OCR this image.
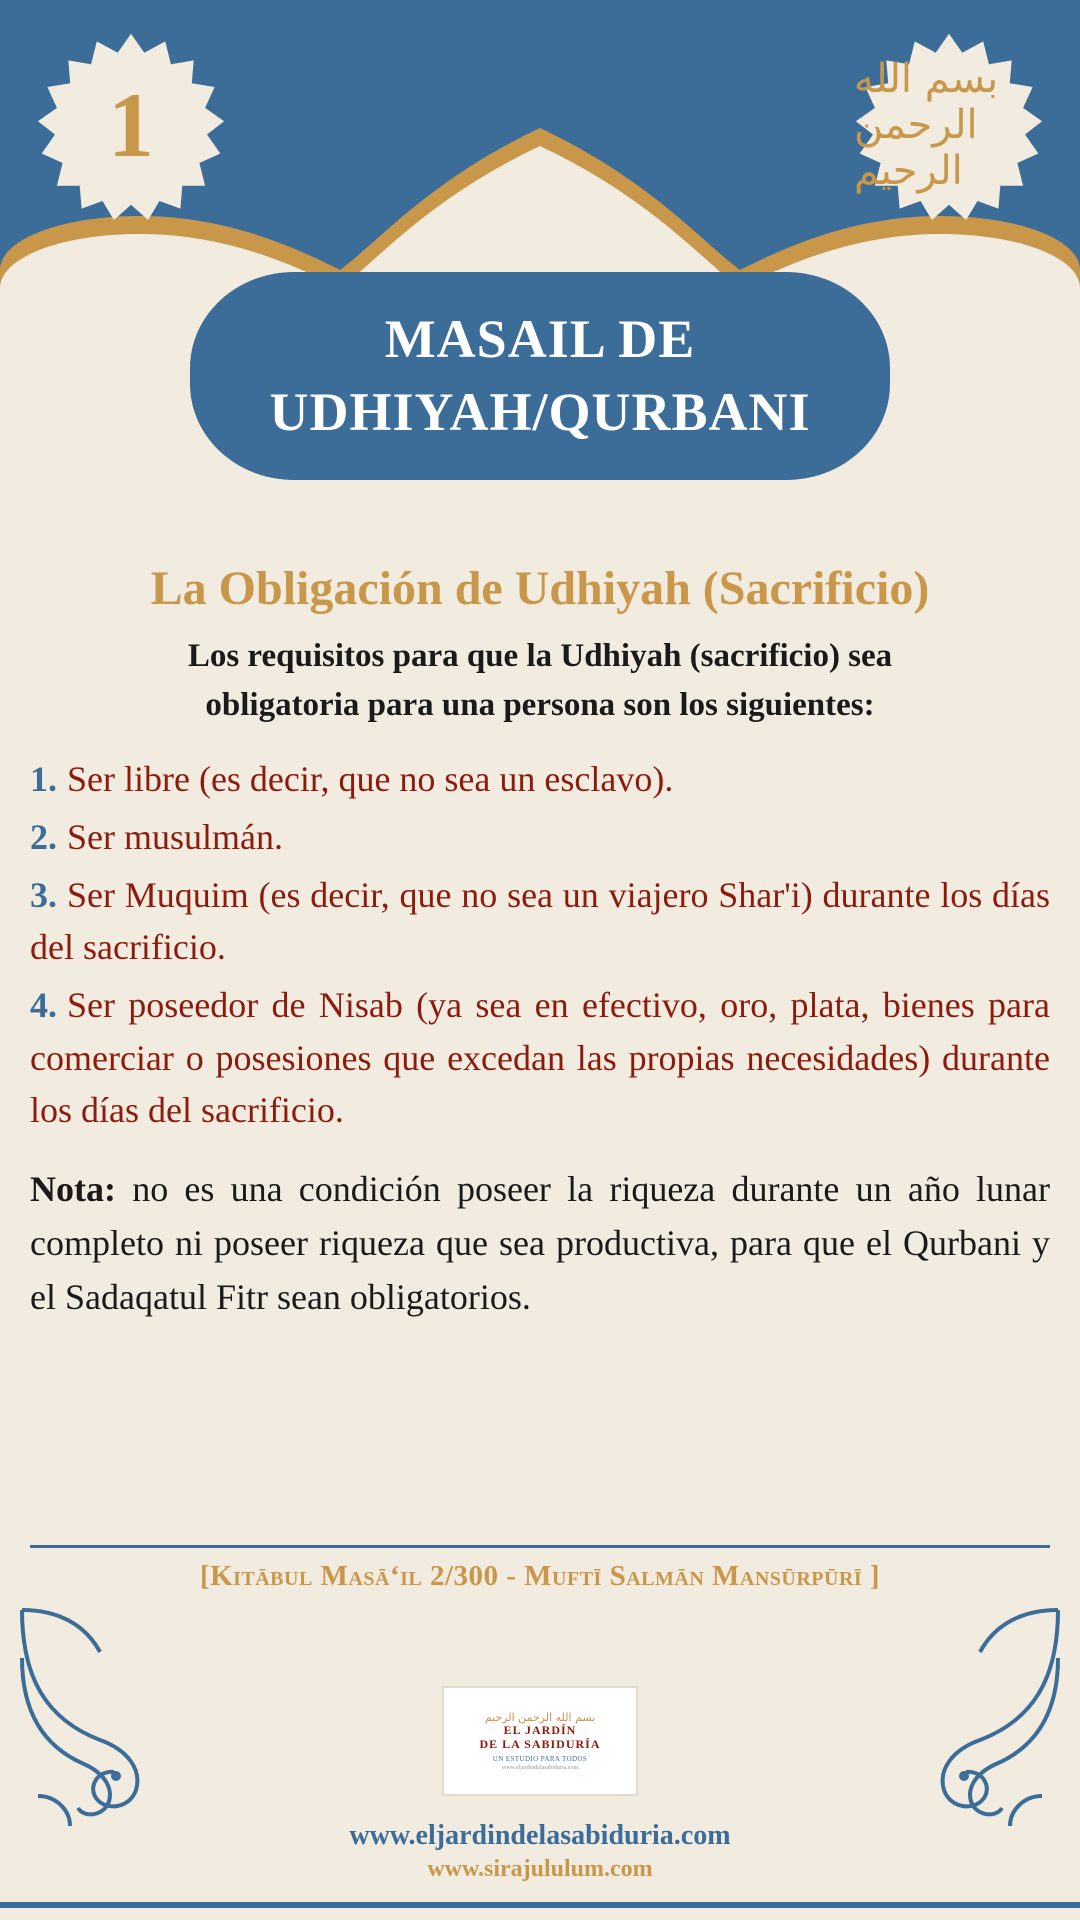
1	بسم الله الرحمن الرحيم
MASAIL DE
UDHIYAH/QURBANI
La Obligación de Udhiyah (Sacrificio)
Los requisitos para que la Udhiyah (sacrificio) sea obligatoria para una persona son los siguientes:
1. Ser libre (es decir, que no sea un esclavo).
2. Ser musulmán.
3. Ser Muquim (es decir, que no sea un viajero Shar'i) durante los días del sacrificio.
4. Ser poseedor de Nisab (ya sea en efectivo, oro, plata, bienes para comerciar o posesiones que excedan las propias necesidades) durante los días del sacrificio.
Nota: no es una condición poseer la riqueza durante un año lunar completo ni poseer riqueza que sea productiva, para que el Qurbani y el Sadaqatul Fitr sean obligatorios.
[Kitābul Masā‘il 2/300 - Muftī Salmān Mansūrpūrī ]
بسم الله الرحمن الرحيم
EL JARDÍN
DE LA SABIDURÍA
UN ESTUDIO PARA TODOS
www.eljardindelasabiduria.com
www.eljardindelasabiduria.com
www.sirajululum.com
